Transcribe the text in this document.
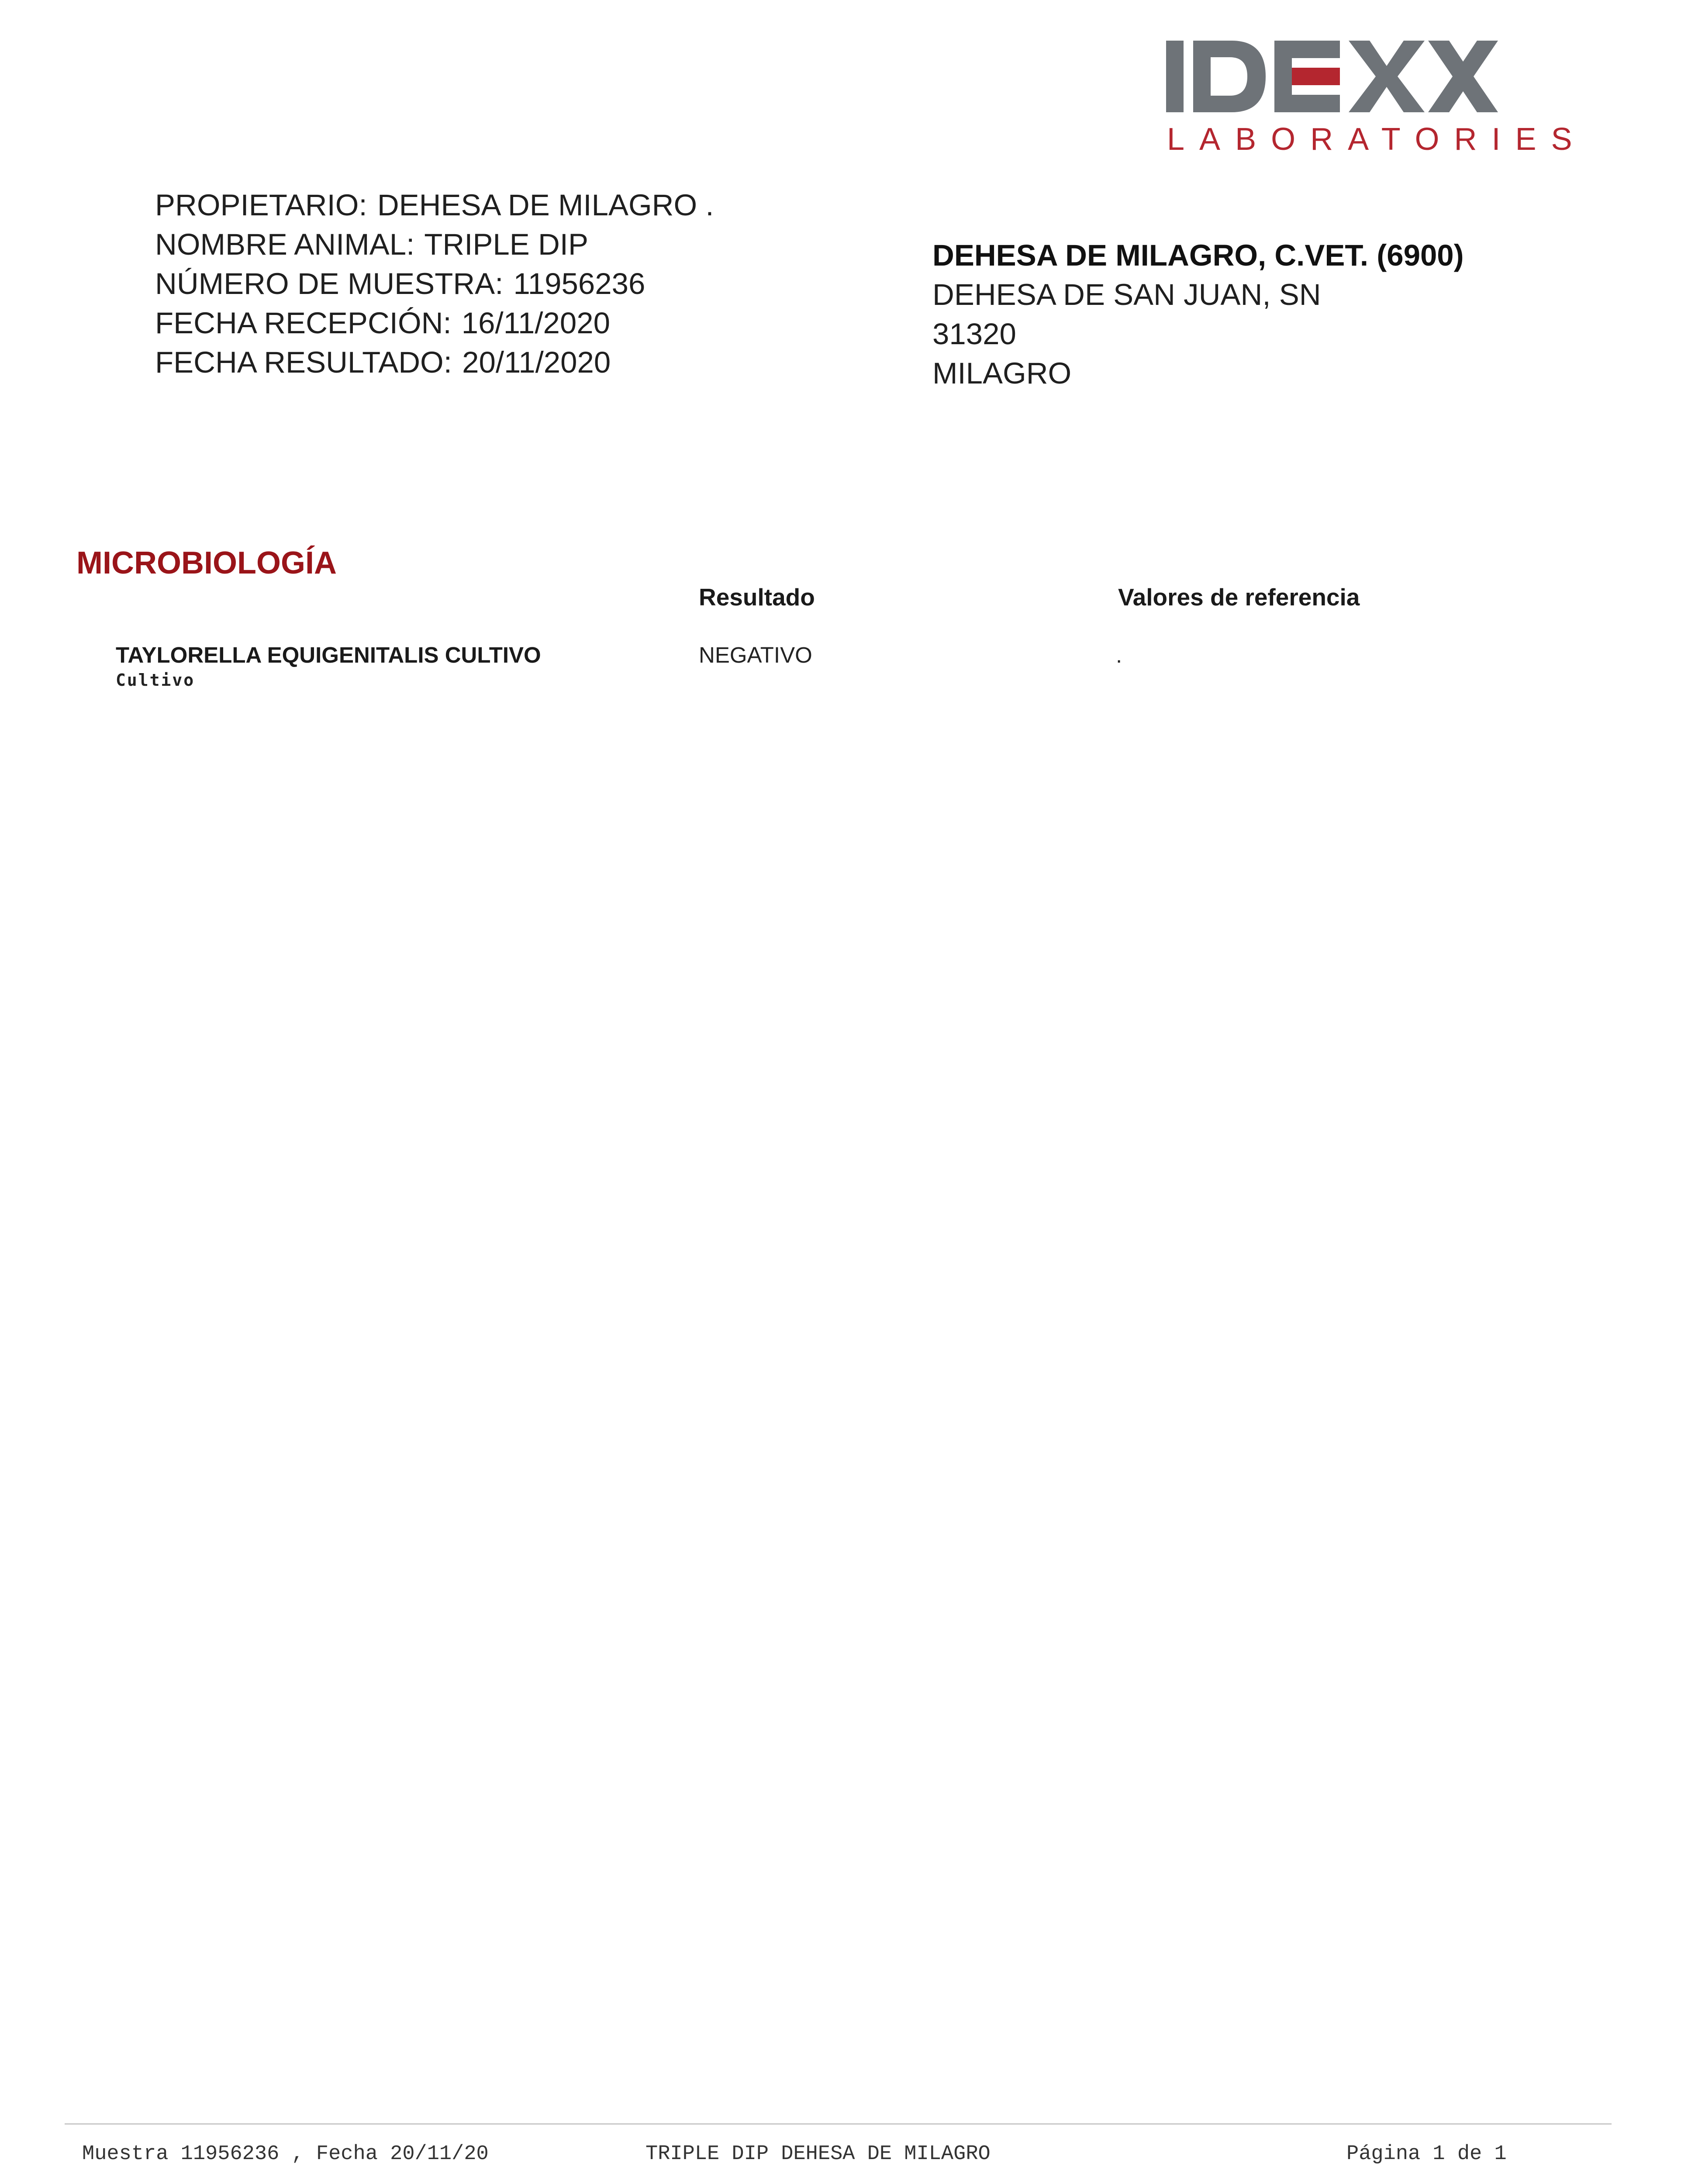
LABORATORIES
PROPIETARIO: DEHESA DE MILAGRO .
NOMBRE ANIMAL: TRIPLE DIP
NÚMERO DE MUESTRA: 11956236
FECHA RECEPCIÓN: 16/11/2020
FECHA RESULTADO: 20/11/2020
DEHESA DE MILAGRO, C.VET. (6900)
DEHESA DE SAN JUAN, SN
31320
MILAGRO
MICROBIOLOGÍA
Resultado	Valores de referencia
TAYLORELLA EQUIGENITALIS CULTIVO
Cultivo
NEGATIVO	.
Muestra 11956236 , Fecha 20/11/20	TRIPLE DIP DEHESA DE MILAGRO	Página 1 de 1
